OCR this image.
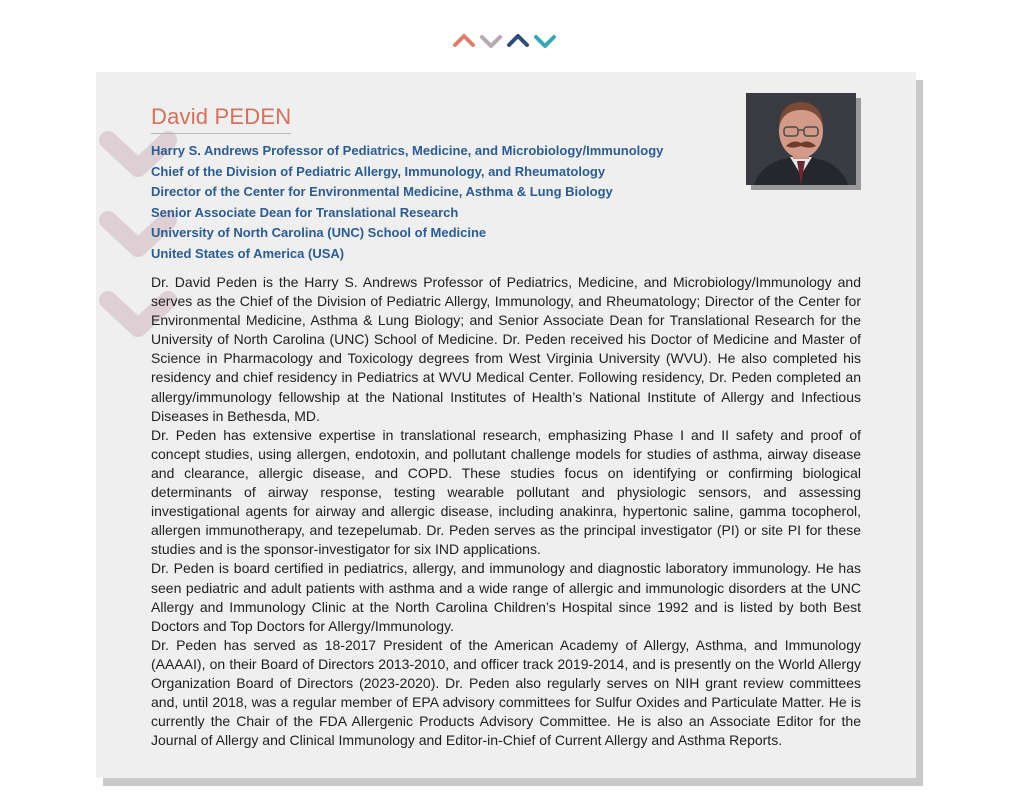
David PEDEN
Harry S. Andrews Professor of Pediatrics, Medicine, and Microbiology/Immunology
Chief of the Division of Pediatric Allergy, Immunology, and Rheumatology
Director of the Center for Environmental Medicine, Asthma & Lung Biology
Senior Associate Dean for Translational Research
University of North Carolina (UNC) School of Medicine
United States of America (USA)

Dr. David Peden is the Harry S. Andrews Professor of Pediatrics, Medicine, and Microbiology/Immunology and serves as the Chief of the Division of Pediatric Allergy, Immunology, and Rheumatology; Director of the Center for Environmental Medicine, Asthma & Lung Biology; and Senior Associate Dean for Translational Research for the University of North Carolina (UNC) School of Medicine. Dr. Peden received his Doctor of Medicine and Master of Science in Pharmacology and Toxicology degrees from West Virginia University (WVU). He also completed his residency and chief residency in Pediatrics at WVU Medical Center. Following residency, Dr. Peden completed an allergy/immunology fellowship at the National Institutes of Health’s National Institute of Allergy and Infectious Diseases in Bethesda, MD.

Dr. Peden has extensive expertise in translational research, emphasizing Phase I and II safety and proof of concept studies, using allergen, endotoxin, and pollutant challenge models for studies of asthma, airway disease and clearance, allergic disease, and COPD. These studies focus on identifying or confirming biological determinants of airway response, testing wearable pollutant and physiologic sensors, and assessing investigational agents for airway and allergic disease, including anakinra, hypertonic saline, gamma tocopherol, allergen immunotherapy, and tezepelumab. Dr. Peden serves as the principal investigator (PI) or site PI for these studies and is the sponsor-investigator for six IND applications.

Dr. Peden is board certified in pediatrics, allergy, and immunology and diagnostic laboratory immunology. He has seen pediatric and adult patients with asthma and a wide range of allergic and immunologic disorders at the UNC Allergy and Immunology Clinic at the North Carolina Children’s Hospital since 1992 and is listed by both Best Doctors and Top Doctors for Allergy/Immunology.

Dr. Peden has served as 18-2017 President of the American Academy of Allergy, Asthma, and Immunology (AAAAI), on their Board of Directors 2013-2010, and officer track 2019-2014, and is presently on the World Allergy Organization Board of Directors (2023-2020). Dr. Peden also regularly serves on NIH grant review committees and, until 2018, was a regular member of EPA advisory committees for Sulfur Oxides and Particulate Matter. He is currently the Chair of the FDA Allergenic Products Advisory Committee. He is also an Associate Editor for the Journal of Allergy and Clinical Immunology and Editor-in-Chief of Current Allergy and Asthma Reports.
